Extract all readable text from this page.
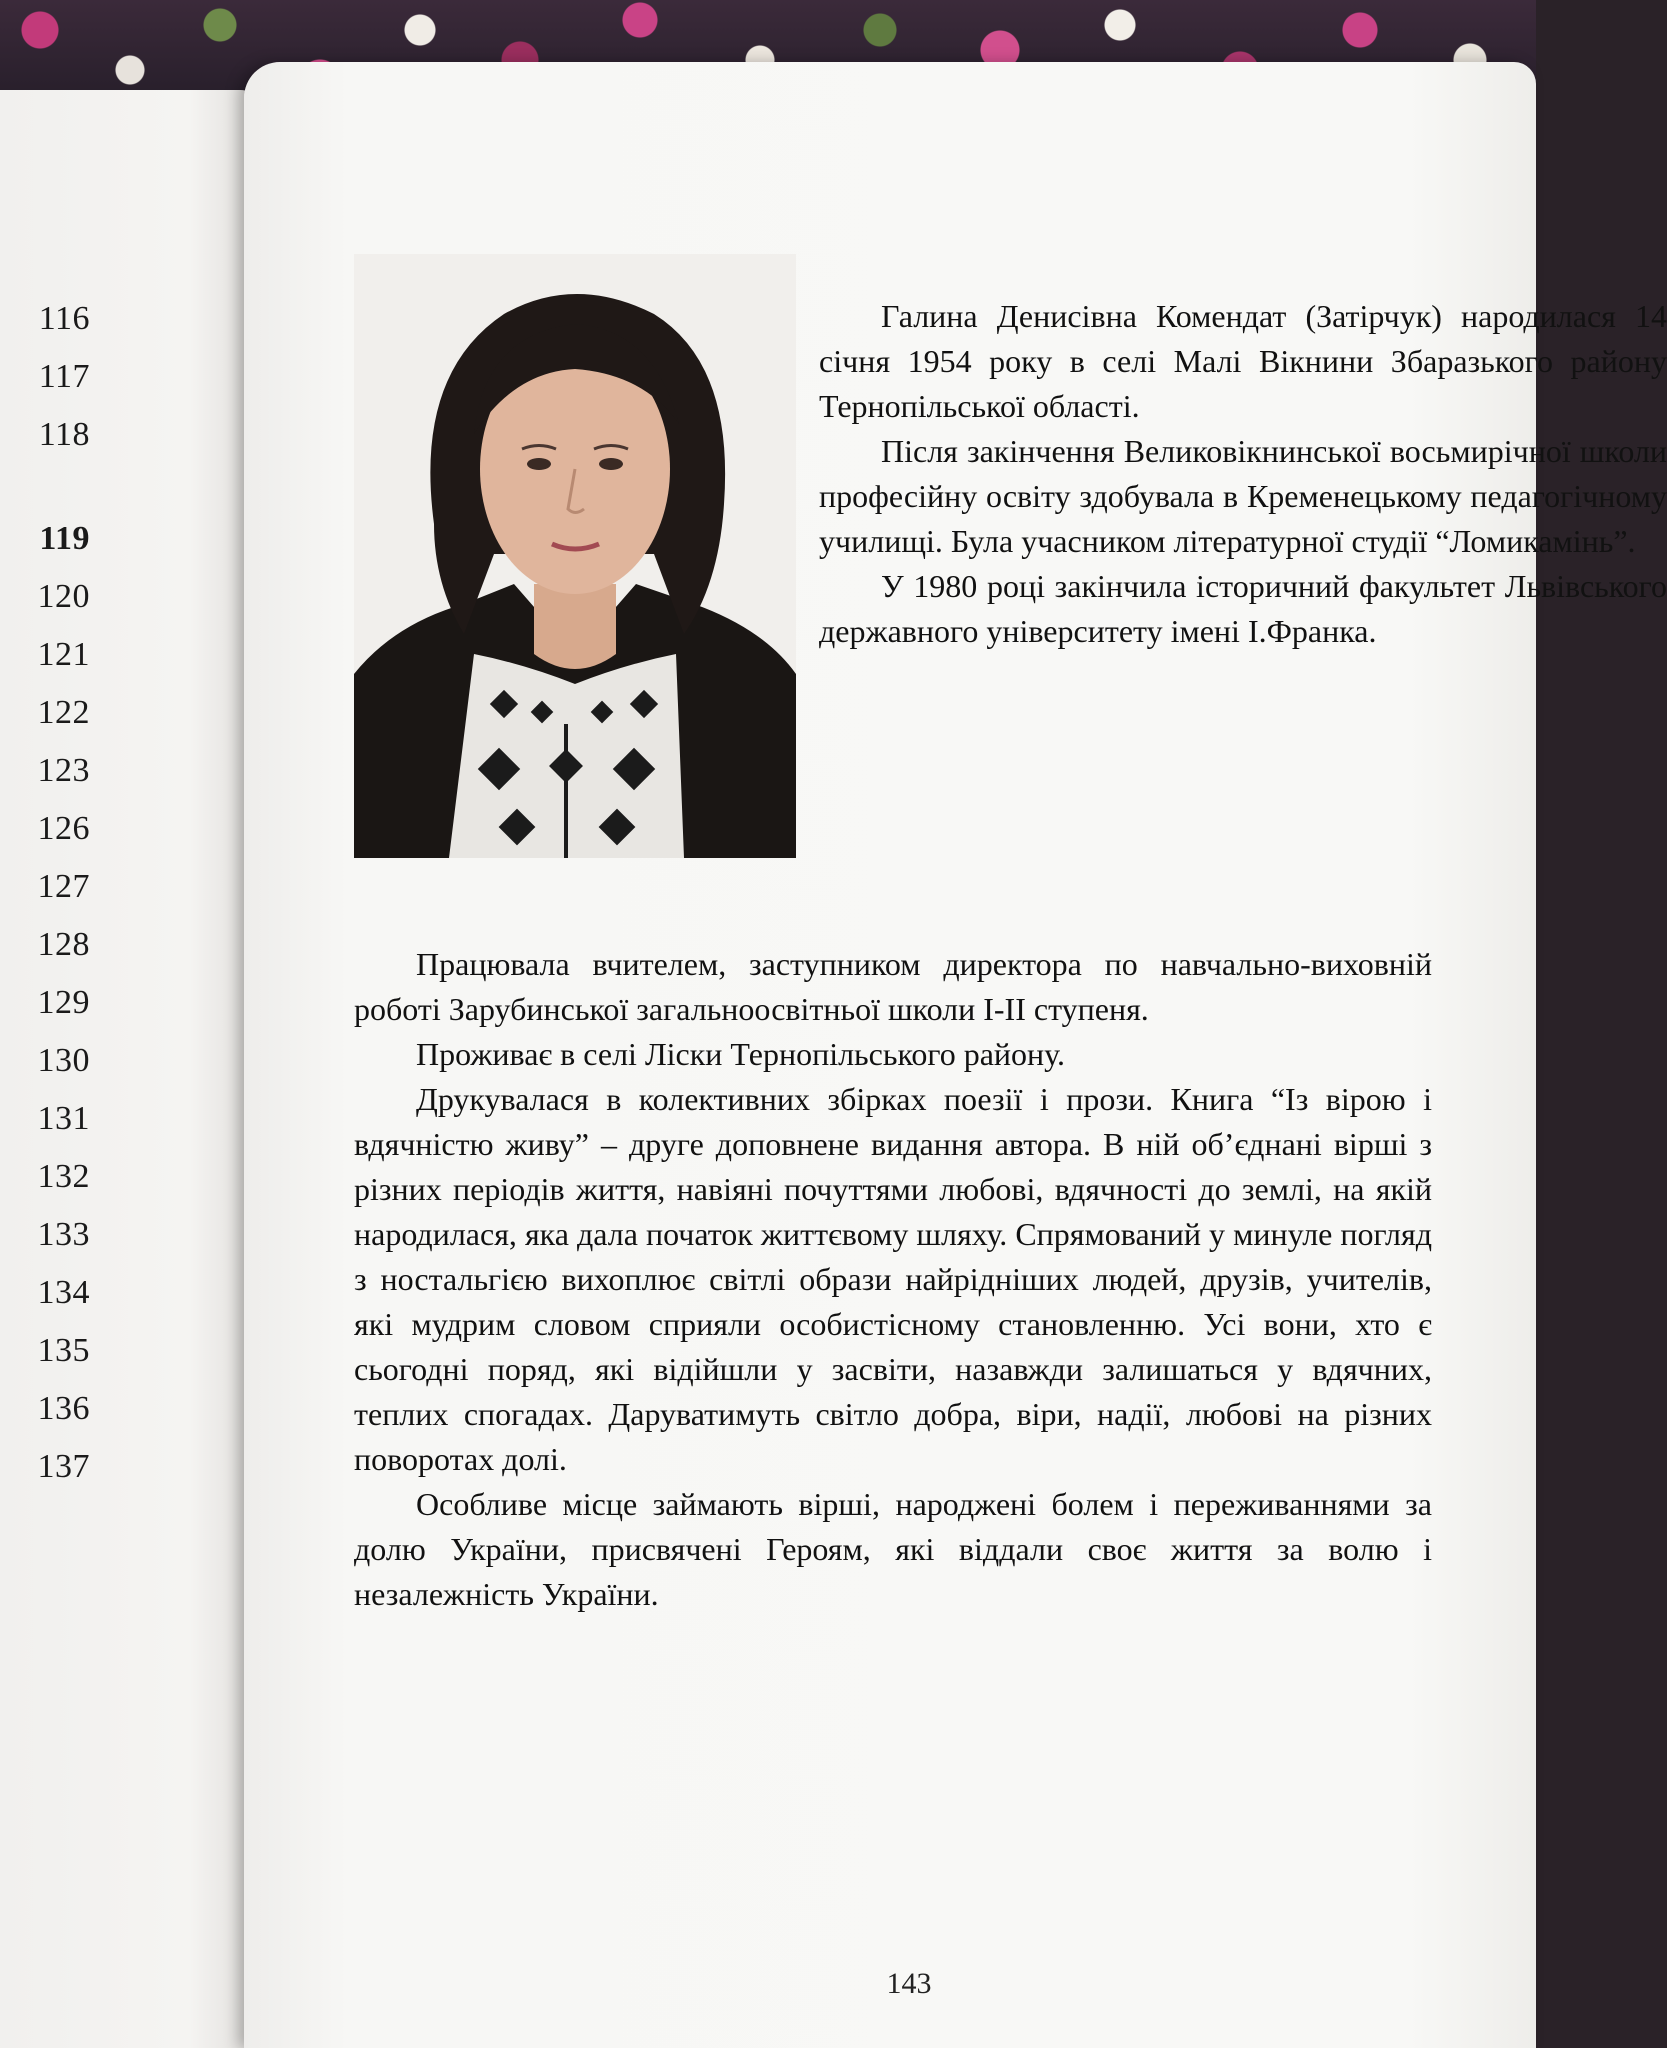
116
117
118
119
120
121
122
123
126
127
128
129
130
131
132
133
134
135
136
137

Галина Денисівна Комендат (Затірчук) народилася 14 січня 1954 року в селі Малі Вікнини Збаразького району Тернопільської області.

Після закінчення Великовікнинської восьмирічної школи професійну освіту здобувала в Кременецькому педагогічному училищі. Була учасником літературної студії “Ломикамінь”.

У 1980 році закінчила історичний факультет Львівського державного університету імені І.Франка.

Працювала вчителем, заступником директора по навчально-виховній роботі Зарубинської загальноосвітньої школи I-II ступеня.

Проживає в селі Ліски Тернопільського району.

Друкувалася в колективних збірках поезії і прози. Книга “Із вірою і вдячністю живу” – друге доповнене видання автора. В ній об’єднані вірші з різних періодів життя, навіяні почуттями любові, вдячності до землі, на якій народилася, яка дала початок життєвому шляху. Спрямований у минуле погляд з ностальгією вихоплює світлі образи найрідніших людей, друзів, учителів, які мудрим словом сприяли особистісному становленню. Усі вони, хто є сьогодні поряд, які відійшли у засвіти, назавжди залишаться у вдячних, теплих спогадах. Даруватимуть світло добра, віри, надії, любові на різних поворотах долі.

Особливе місце займають вірші, народжені болем і переживаннями за долю України, присвячені Героям, які віддали своє життя за волю і незалежність України.

143
